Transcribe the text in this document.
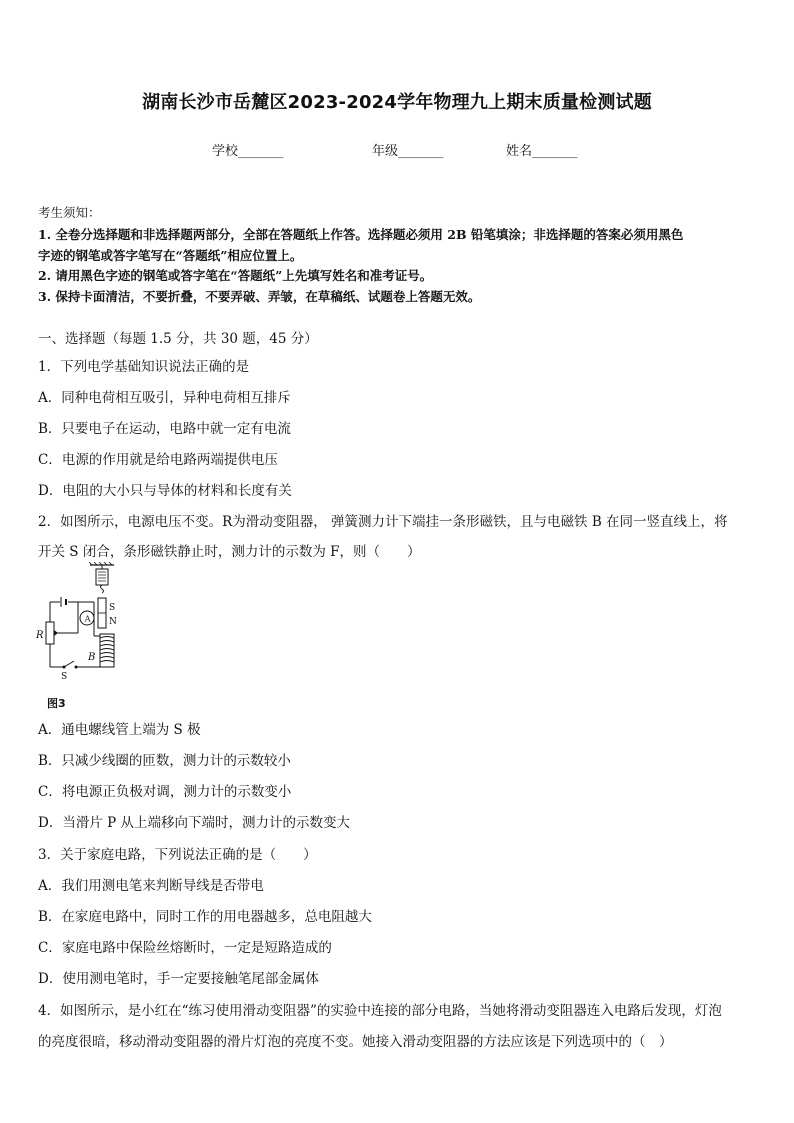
湖南长沙市岳麓区2023-2024学年物理九上期末质量检测试题
学校_______	年级_______	姓名_______
考生须知：
1. 全卷分选择题和非选择题两部分，全部在答题纸上作答。选择题必须用 2B 铅笔填涂；非选择题的答案必须用黑色
字迹的钢笔或答字笔写在“答题纸”相应位置上。
2. 请用黑色字迹的钢笔或答字笔在“答题纸”上先填写姓名和准考证号。
3. 保持卡面清洁，不要折叠，不要弄破、弄皱，在草稿纸、试题卷上答题无效。
一、选择题（每题 1.5 分，共 30 题，45 分）
1．下列电学基础知识说法正确的是
A．同种电荷相互吸引，异种电荷相互排斥
B．只要电子在运动，电路中就一定有电流
C．电源的作用就是给电路两端提供电压
D．电阻的大小只与导体的材料和长度有关
2．如图所示，电源电压不变。R为滑动变阻器， 弹簧测力计下端挂一条形磁铁，且与电磁铁 B 在同一竖直线上，将
开关 S 闭合，条形磁铁静止时，测力计的示数为 F，则（　　）
S
N
A
R
S
B
图3
A．通电螺线管上端为 S 极
B．只减少线圈的匝数，测力计的示数较小
C．将电源正负极对调，测力计的示数变小
D．当滑片 P 从上端移向下端时，测力计的示数变大
3．关于家庭电路，下列说法正确的是（　　）
A．我们用测电笔来判断导线是否带电
B．在家庭电路中，同时工作的用电器越多，总电阻越大
C．家庭电路中保险丝熔断时，一定是短路造成的
D．使用测电笔时，手一定要接触笔尾部金属体
4．如图所示，是小红在“练习使用滑动变阻器”的实验中连接的部分电路，当她将滑动变阻器连入电路后发现，灯泡
的亮度很暗，移动滑动变阻器的滑片灯泡的亮度不变。她接入滑动变阻器的方法应该是下列选项中的（　）
